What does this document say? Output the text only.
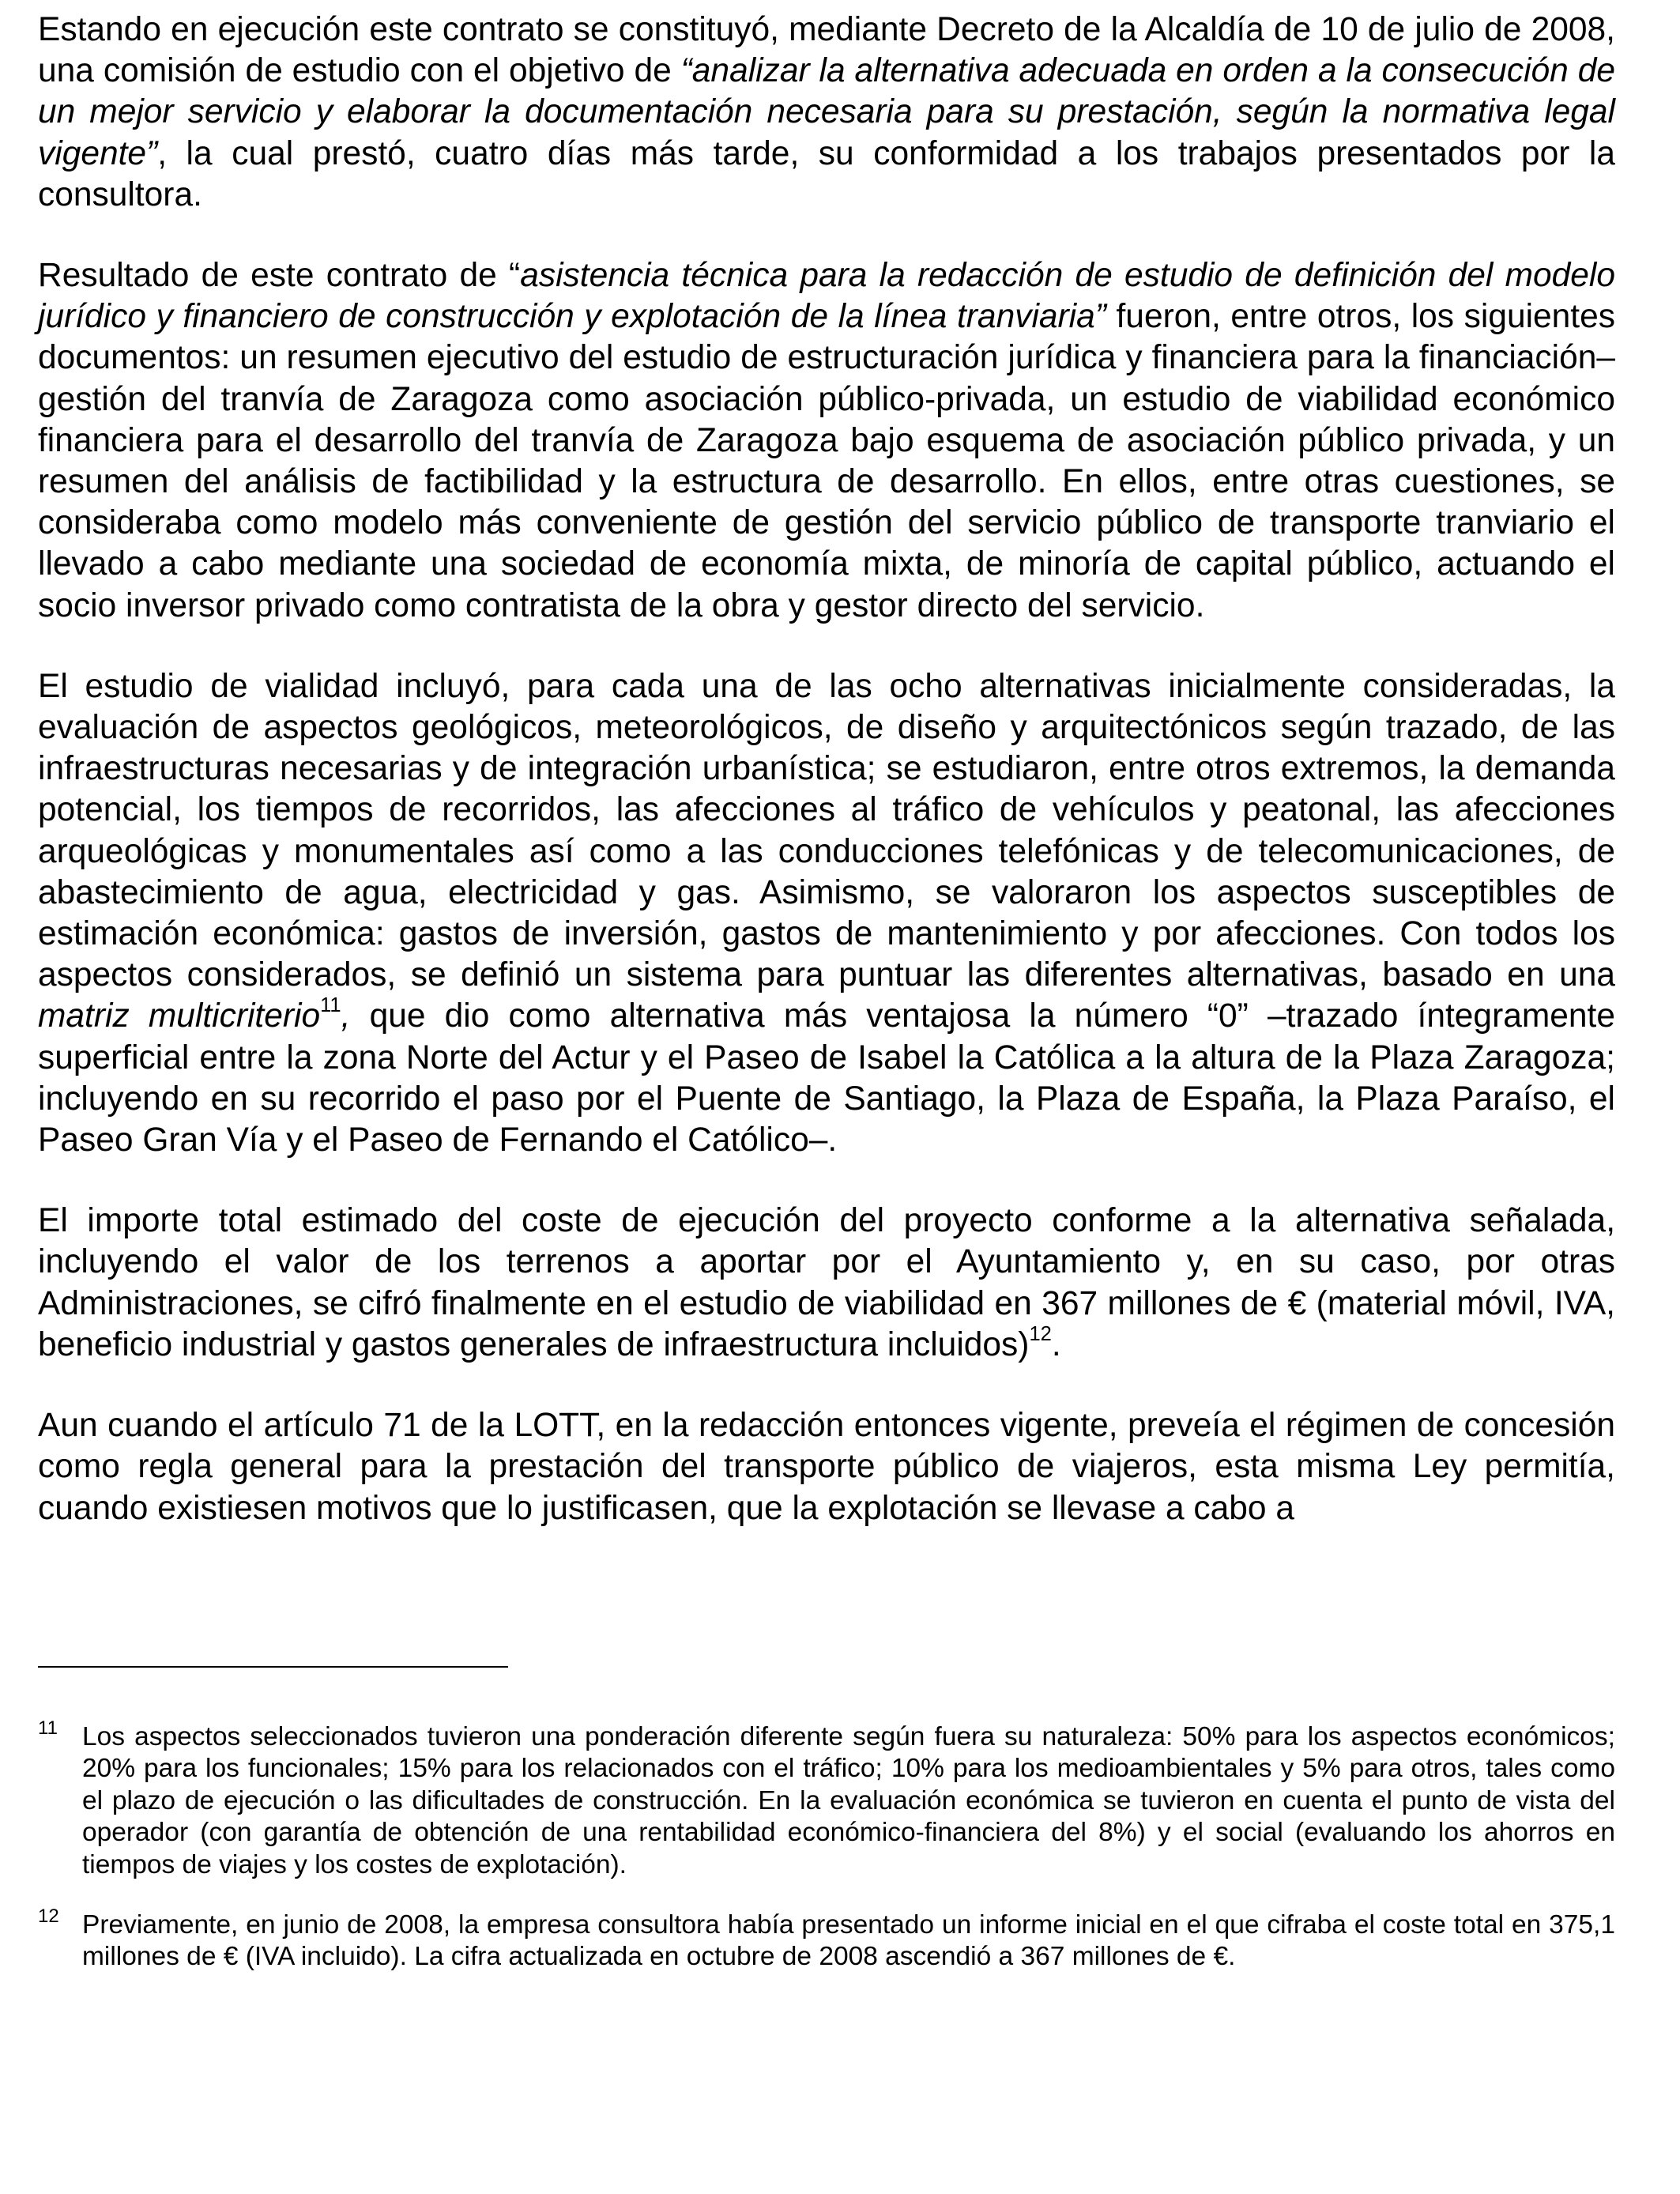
Estando en ejecución este contrato se constituyó, mediante Decreto de la Alcaldía de 10 de julio de 2008, una comisión de estudio con el objetivo de “analizar la alternativa adecuada en orden a la consecución de un mejor servicio y elaborar la documentación necesaria para su prestación, según la normativa legal vigente”, la cual prestó, cuatro días más tarde, su conformidad a los trabajos presentados por la consultora.

Resultado de este contrato de “asistencia técnica para la redacción de estudio de definición del modelo jurídico y financiero de construcción y explotación de la línea tranviaria” fueron, entre otros, los siguientes documentos: un resumen ejecutivo del estudio de estructuración jurídica y financiera para la financiación–gestión del tranvía de Zaragoza como asociación público-privada, un estudio de viabilidad económico financiera para el desarrollo del tranvía de Zaragoza bajo esquema de asociación público privada, y un resumen del análisis de factibilidad y la estructura de desarrollo. En ellos, entre otras cuestiones, se consideraba como modelo más conveniente de gestión del servicio público de transporte tranviario el llevado a cabo mediante una sociedad de economía mixta, de minoría de capital público, actuando el socio inversor privado como contratista de la obra y gestor directo del servicio.

El estudio de vialidad incluyó, para cada una de las ocho alternativas inicialmente consideradas, la evaluación de aspectos geológicos, meteorológicos, de diseño y arquitectónicos según trazado, de las infraestructuras necesarias y de integración urbanística; se estudiaron, entre otros extremos, la demanda potencial, los tiempos de recorridos, las afecciones al tráfico de vehículos y peatonal, las afecciones arqueológicas y monumentales así como a las conducciones telefónicas y de telecomunicaciones, de abastecimiento de agua, electricidad y gas. Asimismo, se valoraron los aspectos susceptibles de estimación económica: gastos de inversión, gastos de mantenimiento y por afecciones. Con todos los aspectos considerados, se definió un sistema para puntuar las diferentes alternativas, basado en una matriz multicriterio$^{11}$, que dio como alternativa más ventajosa la número “0” –trazado íntegramente superficial entre la zona Norte del Actur y el Paseo de Isabel la Católica a la altura de la Plaza Zaragoza; incluyendo en su recorrido el paso por el Puente de Santiago, la Plaza de España, la Plaza Paraíso, el Paseo Gran Vía y el Paseo de Fernando el Católico–.

El importe total estimado del coste de ejecución del proyecto conforme a la alternativa señalada, incluyendo el valor de los terrenos a aportar por el Ayuntamiento y, en su caso, por otras Administraciones, se cifró finalmente en el estudio de viabilidad en 367 millones de € (material móvil, IVA, beneficio industrial y gastos generales de infraestructura incluidos)$^{12}$.

Aun cuando el artículo 71 de la LOTT, en la redacción entonces vigente, preveía el régimen de concesión como regla general para la prestación del transporte público de viajeros, esta misma Ley permitía, cuando existiesen motivos que lo justificasen, que la explotación se llevase a cabo a

11 Los aspectos seleccionados tuvieron una ponderación diferente según fuera su naturaleza: 50% para los aspectos económicos; 20% para los funcionales; 15% para los relacionados con el tráfico; 10% para los medioambientales y 5% para otros, tales como el plazo de ejecución o las dificultades de construcción. En la evaluación económica se tuvieron en cuenta el punto de vista del operador (con garantía de obtención de una rentabilidad económico-financiera del 8%) y el social (evaluando los ahorros en tiempos de viajes y los costes de explotación).
12 Previamente, en junio de 2008, la empresa consultora había presentado un informe inicial en el que cifraba el coste total en 375,1 millones de € (IVA incluido). La cifra actualizada en octubre de 2008 ascendió a 367 millones de €.
